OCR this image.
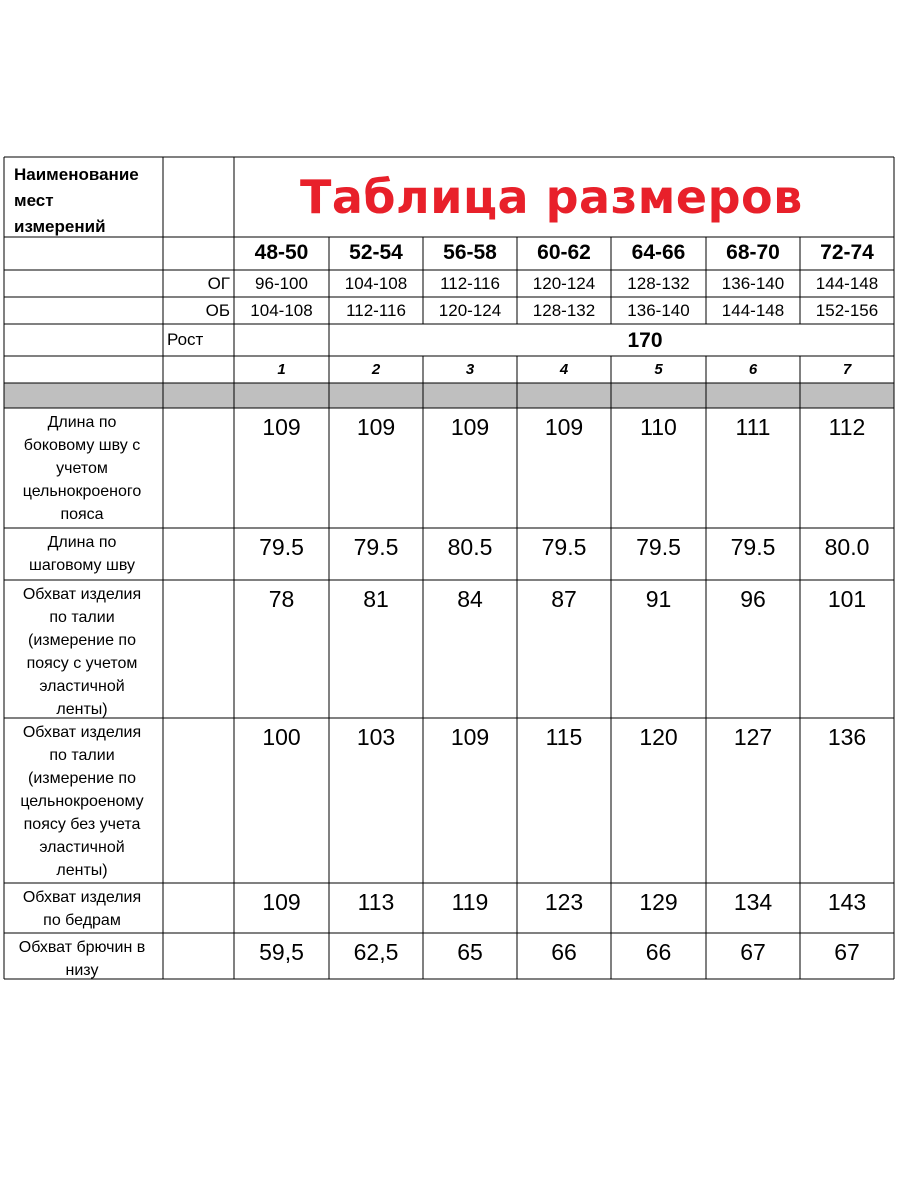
Таблица размеров
Наименование
мест
измерений
48-50	52-54	56-58	60-62	64-66	68-70	72-74
ОГ	96-100	104-108	112-116	120-124	128-132	136-140	144-148
ОБ	104-108	112-116	120-124	128-132	136-140	144-148	152-156
Рост	170
1	2	3	4	5	6	7
Длина по
боковому шву с
учетом
цельнокроеного
пояса
109	109	109	109	110	111	112
Длина по
шаговому шву
79.5	79.5	80.5	79.5	79.5	79.5	80.0
Обхват изделия
по талии
(измерение по
поясу с учетом
эластичной
ленты)
78	81	84	87	91	96	101
Обхват изделия
по талии
(измерение по
цельнокроеному
поясу без учета
эластичной
ленты)
100	103	109	115	120	127	136
Обхват изделия
по бедрам
109	113	119	123	129	134	143
Обхват брючин в
низу
59,5	62,5	65	66	66	67	67
